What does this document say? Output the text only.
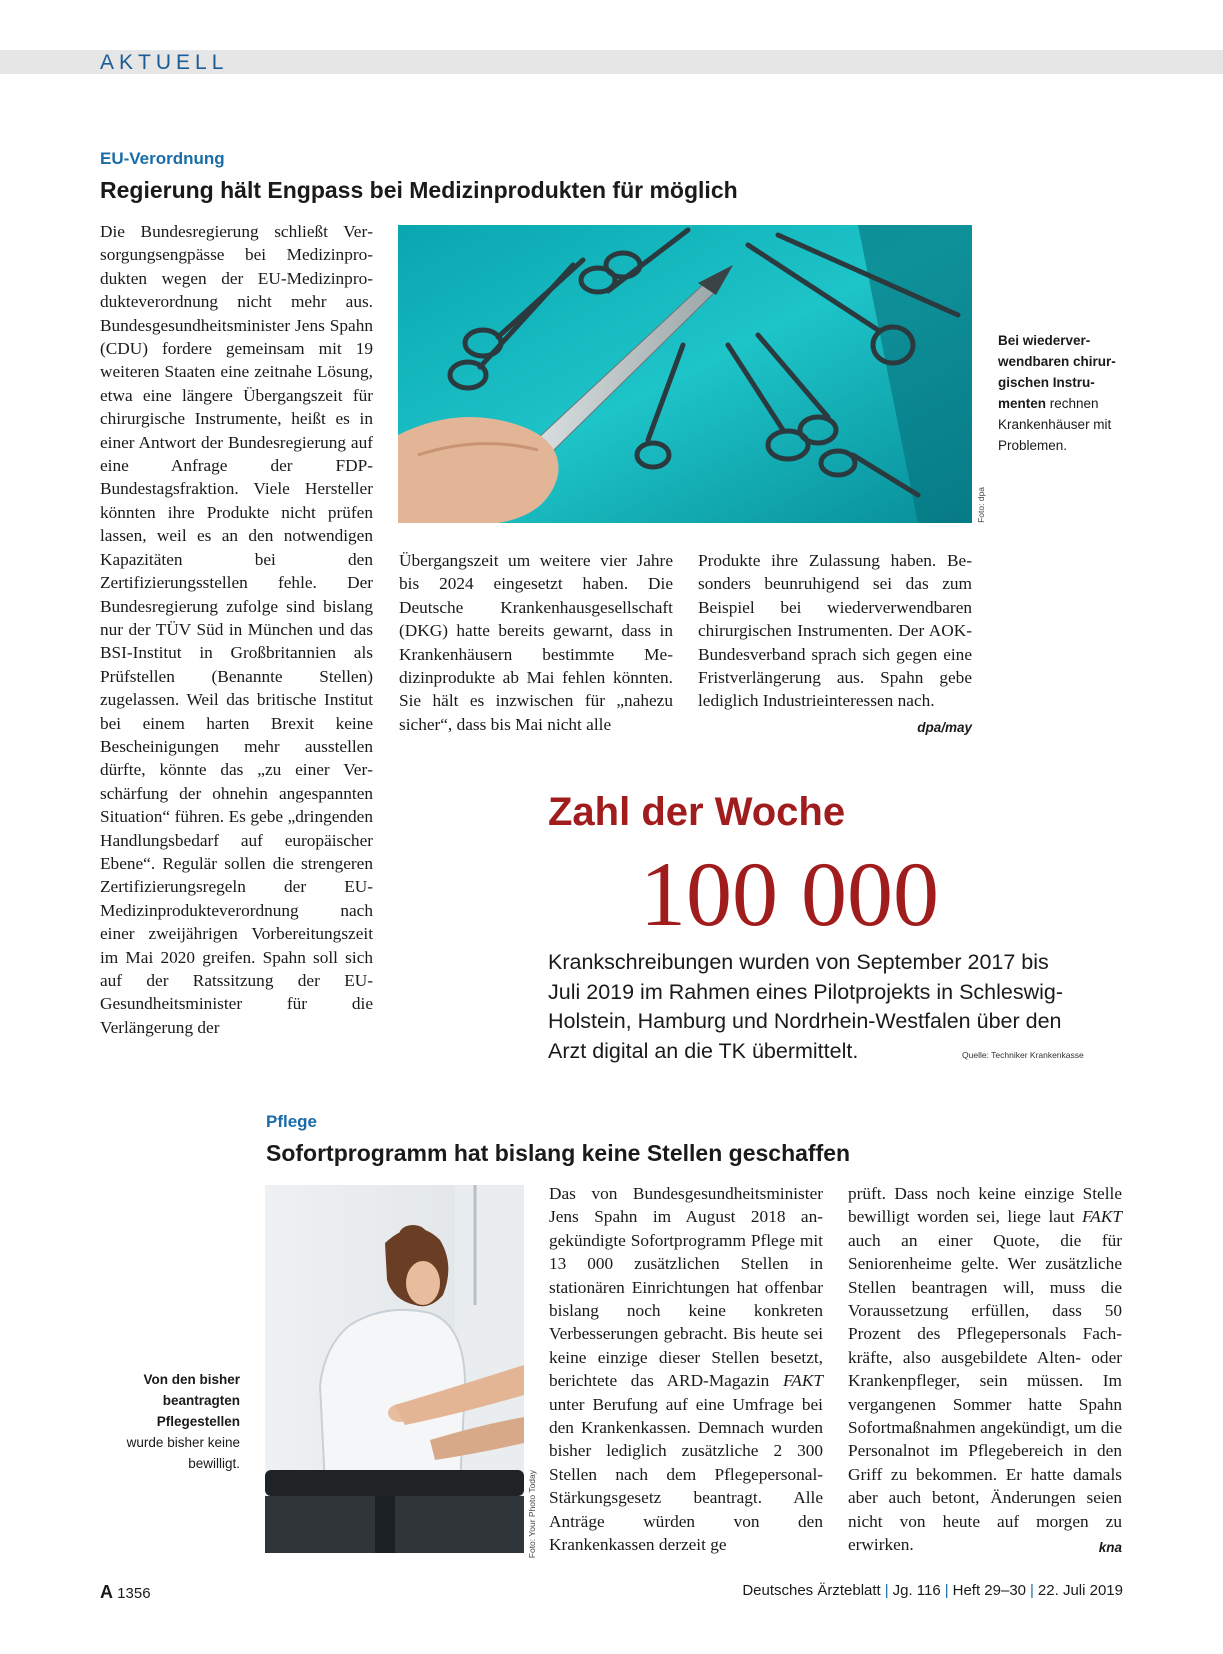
AKTUELL
EU-Verordnung
Regierung hält Engpass bei Medizinprodukten für möglich
Die Bundesregierung schließt Versorgungsengpässe bei Medizinprodukten wegen der EU-Medizinprodukteverordnung nicht mehr aus. Bundesgesundheitsminister Jens Spahn (CDU) fordere gemeinsam mit 19 weiteren Staaten eine zeitnahe Lösung, etwa eine längere Übergangszeit für chirurgische Instrumente, heißt es in einer Antwort der Bundesregierung auf eine Anfrage der FDP-Bundestagsfraktion. Viele Hersteller könnten ihre Produkte nicht prüfen lassen, weil es an den notwendigen Kapazitäten bei den Zertifizierungsstellen fehle. Der Bundesregierung zufolge sind bislang nur der TÜV Süd in München und das BSI-Institut in Großbritannien als Prüfstellen (Benannte Stellen) zugelassen. Weil das britische Institut bei einem harten Brexit keine Bescheinigungen mehr ausstellen dürfte, könnte das „zu einer Verschärfung der ohnehin angespannten Situation“ führen. Es gebe „dringenden Handlungsbedarf auf europäischer Ebene“. Regulär sollen die strengeren Zertifizierungsregeln der EU-Medizinprodukteverordnung nach einer zweijährigen Vorbereitungszeit im Mai 2020 greifen. Spahn soll sich auf der Ratssitzung der EU-Gesundheitsminister für die Verlängerung der
Foto: dpa
Bei wiederverwendbaren chirurgischen Instrumenten rechnen Krankenhäuser mit Problemen.
Übergangszeit um weitere vier Jahre bis 2024 eingesetzt haben. Die Deutsche Krankenhausgesellschaft (DKG) hatte bereits gewarnt, dass in Krankenhäusern bestimmte Medizinprodukte ab Mai fehlen könnten. Sie hält es inzwischen für „nahezu sicher“, dass bis Mai nicht alle
Produkte ihre Zulassung haben. Besonders beunruhigend sei das zum Beispiel bei wiederverwendbaren chirurgischen Instrumenten. Der AOK-Bundesverband sprach sich gegen eine Fristverlängerung aus. Spahn gebe lediglich Industrieinteressen nach.
dpa/may
Zahl der Woche
100 000
Krankschreibungen wurden von September 2017 bis Juli 2019 im Rahmen eines Pilotprojekts in Schleswig-Holstein, Hamburg und Nordrhein-Westfalen über den Arzt digital an die TK übermittelt.	Quelle: Techniker Krankenkasse
Pflege
Sofortprogramm hat bislang keine Stellen geschaffen
Foto: Your Photo Today
Von den bisher beantragten Pflegestellen
wurde bisher keine bewilligt.
Das von Bundesgesundheitsminister Jens Spahn im August 2018 angekündigte Sofortprogramm Pflege mit 13 000 zusätzlichen Stellen in stationären Einrichtungen hat offenbar bislang noch keine konkreten Verbesserungen gebracht. Bis heute sei keine einzige dieser Stellen besetzt, berichtete das ARD-Magazin FAKT unter Berufung auf eine Umfrage bei den Krankenkassen. Demnach wurden bisher lediglich zusätzliche 2 300 Stellen nach dem Pflegepersonal-Stärkungsgesetz beantragt. Alle Anträge würden von den Krankenkassen derzeit ge
prüft. Dass noch keine einzige Stelle bewilligt worden sei, liege laut FAKT auch an einer Quote, die für Seniorenheime gelte. Wer zusätzliche Stellen beantragen will, muss die Voraussetzung erfüllen, dass 50 Prozent des Pflegepersonals Fachkräfte, also ausgebildete Alten- oder Krankenpfleger, sein müssen. Im vergangenen Sommer hatte Spahn Sofortmaßnahmen angekündigt, um die Personalnot im Pflegebereich in den Griff zu bekommen. Er hatte damals aber auch betont, Änderungen seien nicht von heute auf morgen zu erwirken.	kna
A 1356	Deutsches Ärzteblatt | Jg. 116 | Heft 29–30 | 22. Juli 2019
